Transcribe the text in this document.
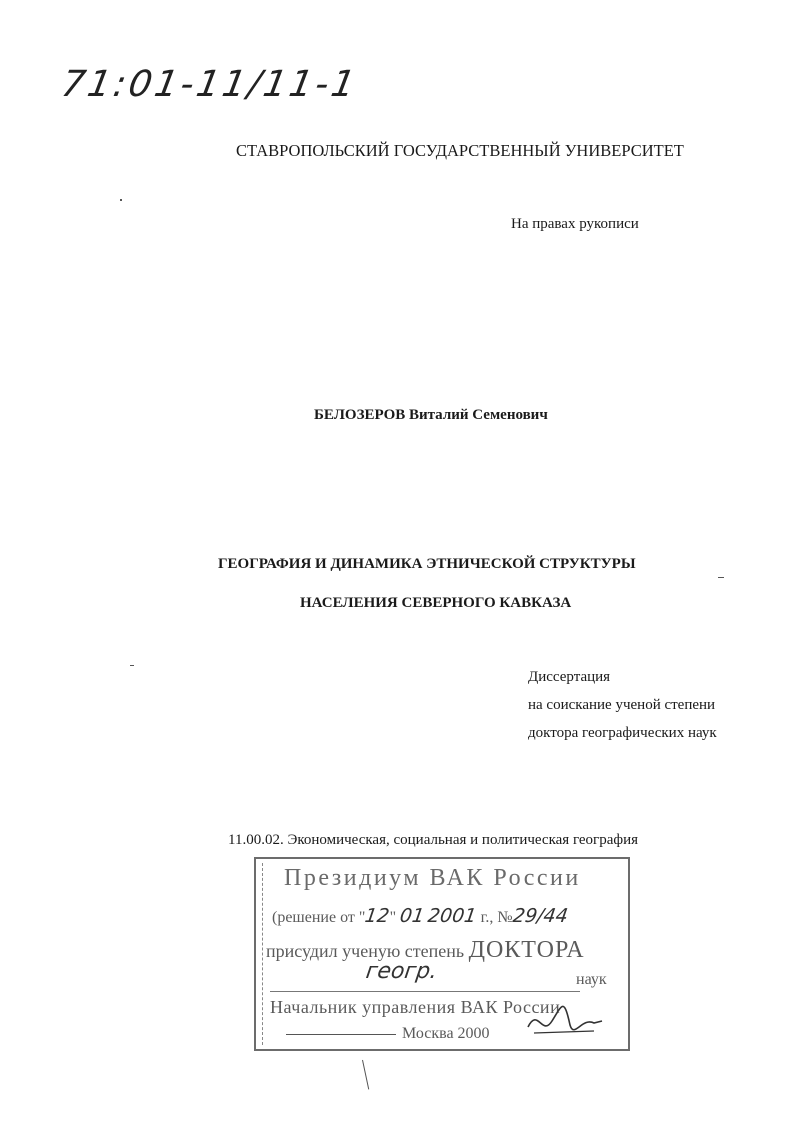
71:01-11/11-1
СТАВРОПОЛЬСКИЙ ГОСУДАРСТВЕННЫЙ УНИВЕРСИТЕТ
На правах рукописи
БЕЛОЗЕРОВ Виталий Семенович
ГЕОГРАФИЯ И ДИНАМИКА ЭТНИЧЕСКОЙ СТРУКТУРЫ
НАСЕЛЕНИЯ СЕВЕРНОГО КАВКАЗА
Диссертация
на соискание ученой степени
доктора географических наук
11.00.02. Экономическая, социальная и политическая география
Президиум ВАК России
(решение от "12" 01 2001 г., №29/44
присудил ученую степень ДОКТОРА
геогр.	наук
Начальник управления ВАК России
Москва 2000
